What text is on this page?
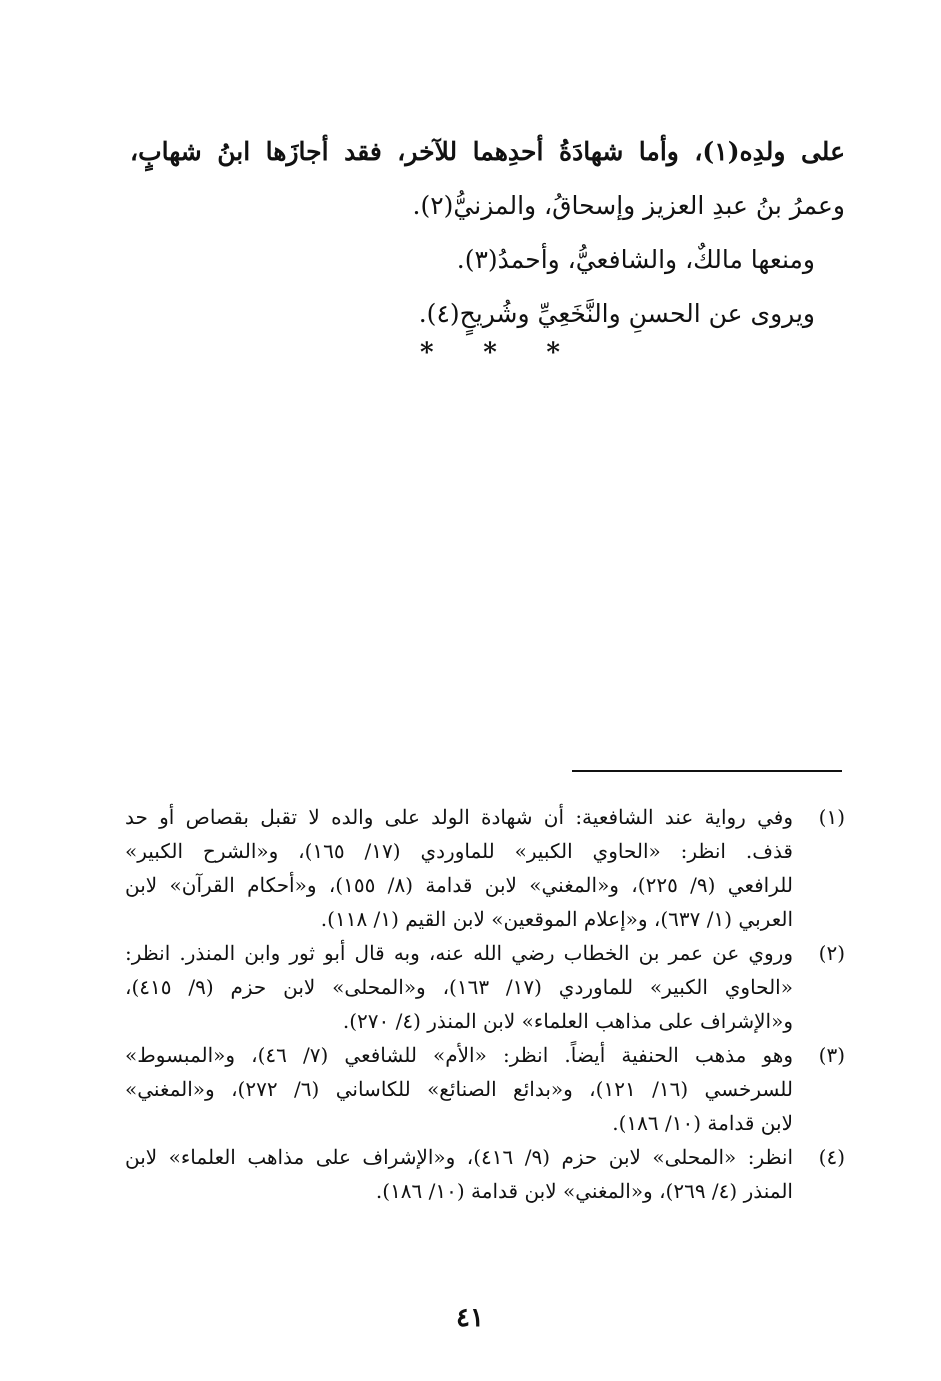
على ولدِه(١)، وأما شهادَةُ أحدِهما للآخر، فقد أجازَها ابنُ شهابٍ،

وعمرُ بنُ عبدِ العزيز وإسحاقُ، والمزنيُّ(٢).

ومنعها مالكٌ، والشافعيُّ، وأحمدُ(٣).

ويروى عن الحسنِ والنَّخَعِيِّ وشُريحٍ(٤).

* * *
(١)

وفي رواية عند الشافعية: أن شهادة الولد على والده لا تقبل بقصاص أو حد

قذف. انظر: «الحاوي الكبير» للماوردي (١٧/ ١٦٥)، و«الشرح الكبير»

للرافعي (٩/ ٢٢٥)، و«المغني» لابن قدامة (٨/ ١٥٥)، و«أحكام القرآن» لابن

العربي (١/ ٦٣٧)، و«إعلام الموقعين» لابن القيم (١/ ١١٨).

(٢)

وروي عن عمر بن الخطاب رضي الله عنه، وبه قال أبو ثور وابن المنذر. انظر:

«الحاوي الكبير» للماوردي (١٧/ ١٦٣)، و«المحلى» لابن حزم (٩/ ٤١٥)،

و«الإشراف على مذاهب العلماء» لابن المنذر (٤/ ٢٧٠).

(٣)

وهو مذهب الحنفية أيضاً. انظر: «الأم» للشافعي (٧/ ٤٦)، و«المبسوط»

للسرخسي (١٦/ ١٢١)، و«بدائع الصنائع» للكاساني (٦/ ٢٧٢)، و«المغني»

لابن قدامة (١٠/ ١٨٦).

(٤)

انظر: «المحلى» لابن حزم (٩/ ٤١٦)، و«الإشراف على مذاهب العلماء» لابن

المنذر (٤/ ٢٦٩)، و«المغني» لابن قدامة (١٠/ ١٨٦).

٤١
